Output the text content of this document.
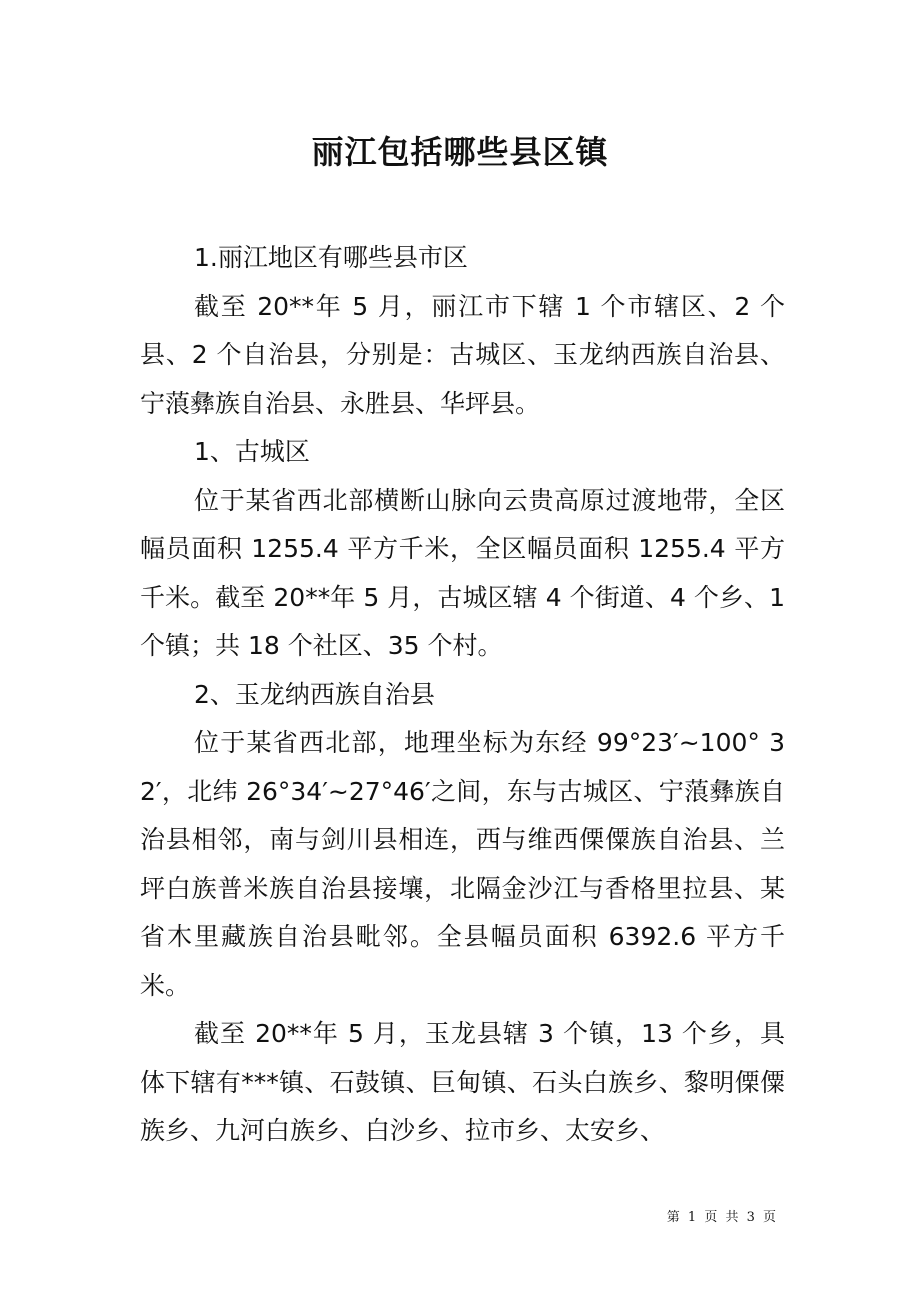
丽江包括哪些县区镇

1.丽江地区有哪些县市区

截至 20**年 5 月，丽江市下辖 1 个市辖区、2 个县、2 个自治县，分别是：古城区、玉龙纳西族自治县、宁蒗彝族自治县、永胜县、华坪县。

1、古城区

位于某省西北部横断山脉向云贵高原过渡地带，全区幅员面积 1255.4 平方千米，全区幅员面积 1255.4 平方千米。截至 20**年 5 月，古城区辖 4 个街道、4 个乡、1 个镇；共 18 个社区、35 个村。

2、玉龙纳西族自治县

位于某省西北部，地理坐标为东经 99°23′~100° 32′，北纬 26°34′~27°46′之间，东与古城区、宁蒗彝族自治县相邻，南与剑川县相连，西与维西傈僳族自治县、兰坪白族普米族自治县接壤，北隔金沙江与香格里拉县、某省木里藏族自治县毗邻。全县幅员面积 6392.6 平方千米。

截至 20**年 5 月，玉龙县辖 3 个镇，13 个乡，具体下辖有***镇、石鼓镇、巨甸镇、石头白族乡、黎明傈僳族乡、九河白族乡、白沙乡、拉市乡、太安乡、

第 1 页 共 3 页
